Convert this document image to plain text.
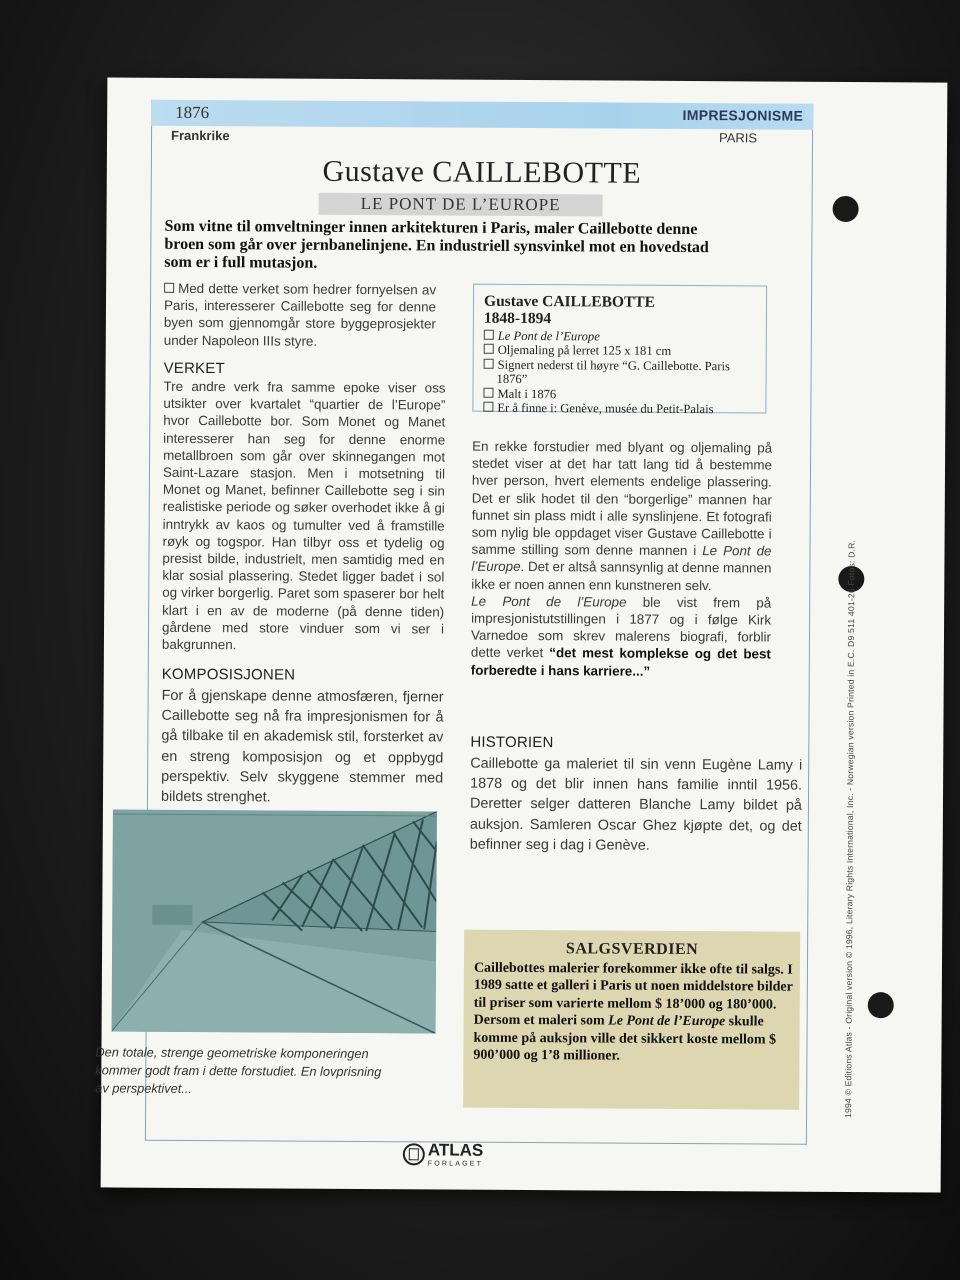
1876	IMPRESJONISME
Frankrike	PARIS
Gustave CAILLEBOTTE
LE PONT DE L’EUROPE
Som vitne til omveltninger innen arkitekturen i Paris, maler Caillebotte denne broen som går over jernbanelinjene. En industriell synsvinkel mot en hovedstad som er i full mutasjon.

Med dette verket som hedrer fornyelsen av Paris, interesserer Caillebotte seg for denne byen som gjennomgår store byggeprosjekter under Napoleon IIIs styre.

VERKET
Tre andre verk fra samme epoke viser oss utsikter over kvartalet “quartier de l’Europe” hvor Caillebotte bor. Som Monet og Manet interesserer han seg for denne enorme metallbroen som går over skinnegangen mot Saint-Lazare stasjon. Men i motsetning til Monet og Manet, befinner Caillebotte seg i sin realistiske periode og søker overhodet ikke å gi inntrykk av kaos og tumulter ved å framstille røyk og togspor. Han tilbyr oss et tydelig og presist bilde, industrielt, men samtidig med en klar sosial plassering. Stedet ligger badet i sol og virker borgerlig. Paret som spaserer bor helt klart i en av de moderne (på denne tiden) gårdene med store vinduer som vi ser i bakgrunnen.
KOMPOSISJONEN
For å gjenskape denne atmosfæren, fjerner Caillebotte seg nå fra impresjonismen for å gå tilbake til en akademisk stil, forsterket av en streng komposisjon og et oppbygd perspektiv. Selv skyggene stemmer med bildets strenghet.
Den totale, strenge geometriske komponeringen kommer godt fram i dette forstudiet. En lovprisning av perspektivet...
Gustave CAILLEBOTTE
1848-1894
Le Pont de l’Europe
Oljemaling på lerret 125 x 181 cm
Signert nederst til høyre “G. Caillebotte. Paris 1876”
Malt i 1876
Er å finne i: Genève, musée du Petit-Palais

En rekke forstudier med blyant og oljemaling på stedet viser at det har tatt lang tid å bestemme hver person, hvert elements endelige plassering. Det er slik hodet til den “borgerlige” mannen har funnet sin plass midt i alle synslinjene. Et fotografi som nylig ble oppdaget viser Gustave Caillebotte i samme stilling som denne mannen i Le Pont de l’Europe. Det er altså sannsynlig at denne mannen ikke er noen annen enn kunstneren selv.

Le Pont de l’Europe ble vist frem på impresjonistutstillingen i 1877 og i følge Kirk Varnedoe som skrev malerens biografi, forblir dette verket “det mest komplekse og det best forberedte i hans karriere...”

HISTORIEN
Caillebotte ga maleriet til sin venn Eugène Lamy i 1878 og det blir innen hans familie inntil 1956. Deretter selger datteren Blanche Lamy bildet på auksjon. Samleren Oscar Ghez kjøpte det, og det befinner seg i dag i Genève.
SALGSVERDIEN
Caillebottes malerier forekommer ikke ofte til salgs. I 1989 satte et galleri i Paris ut noen middelstore bilder til priser som varierte mellom $ 18’000 og 180’000. Dersom et maleri som Le Pont de l’Europe skulle komme på auksjon ville det sikkert koste mellom $ 900’000 og 1’8 millioner.	1994 © Editions Atlas - Original version © 1996, Literary Rights International, Inc. - Norwegian version Printed in E.C. D9 511 401-26 Fotos: D.R.
ATLAS
FORLAGET
